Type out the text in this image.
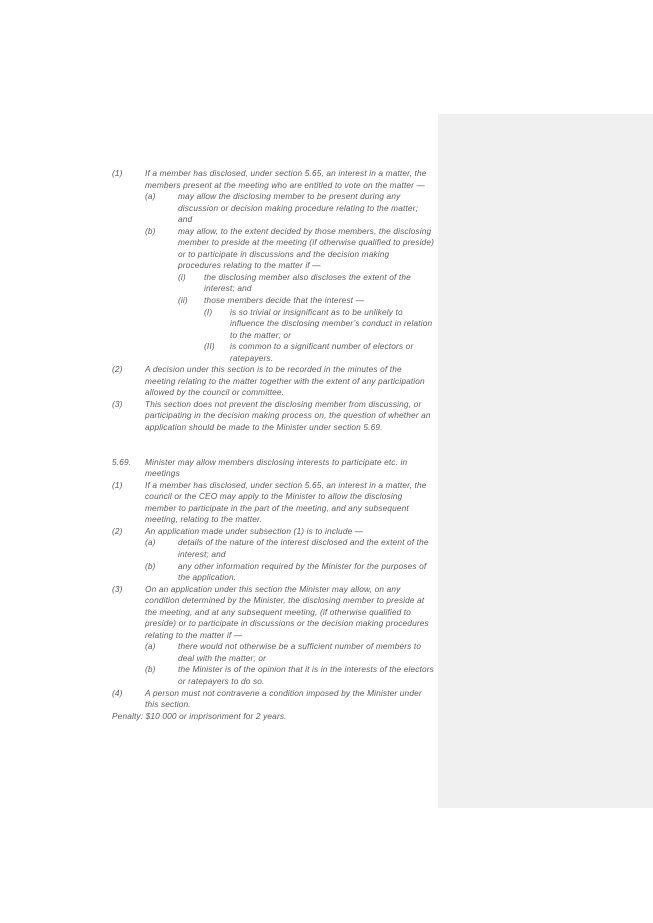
(1)	If a member has disclosed, under section 5.65, an interest in a matter, the members present at the meeting who are entitled to vote on the matter —
(a)	may allow the disclosing member to be present during any discussion or decision making procedure relating to the matter; and
(b)	may allow, to the extent decided by those members, the disclosing member to preside at the meeting (if otherwise qualified to preside) or to participate in discussions and the decision making procedures relating to the matter if —
(i)	the disclosing member also discloses the extent of the interest; and
(ii)	those members decide that the interest —
(I)	is so trivial or insignificant as to be unlikely to influence the disclosing member’s conduct in relation to the matter; or
(II)	is common to a significant number of electors or ratepayers.
(2)	A decision under this section is to be recorded in the minutes of the meeting relating to the matter together with the extent of any participation allowed by the council or committee.
(3)	This section does not prevent the disclosing member from discussing, or participating in the decision making process on, the question of whether an application should be made to the Minister under section 5.69.
5.69.	Minister may allow members disclosing interests to participate etc. in meetings
(1)	If a member has disclosed, under section 5.65, an interest in a matter, the council or the CEO may apply to the Minister to allow the disclosing member to participate in the part of the meeting, and any subsequent meeting, relating to the matter.
(2)	An application made under subsection (1) is to include —
(a)	details of the nature of the interest disclosed and the extent of the interest; and
(b)	any other information required by the Minister for the purposes of the application.
(3)	On an application under this section the Minister may allow, on any condition determined by the Minister, the disclosing member to preside at the meeting, and at any subsequent meeting, (if otherwise qualified to preside) or to participate in discussions or the decision making procedures relating to the matter if —
(a)	there would not otherwise be a sufficient number of members to deal with the matter; or
(b)	the Minister is of the opinion that it is in the interests of the electors or ratepayers to do so.
(4)	A person must not contravene a condition imposed by the Minister under this section.
Penalty: $10 000 or imprisonment for 2 years.
